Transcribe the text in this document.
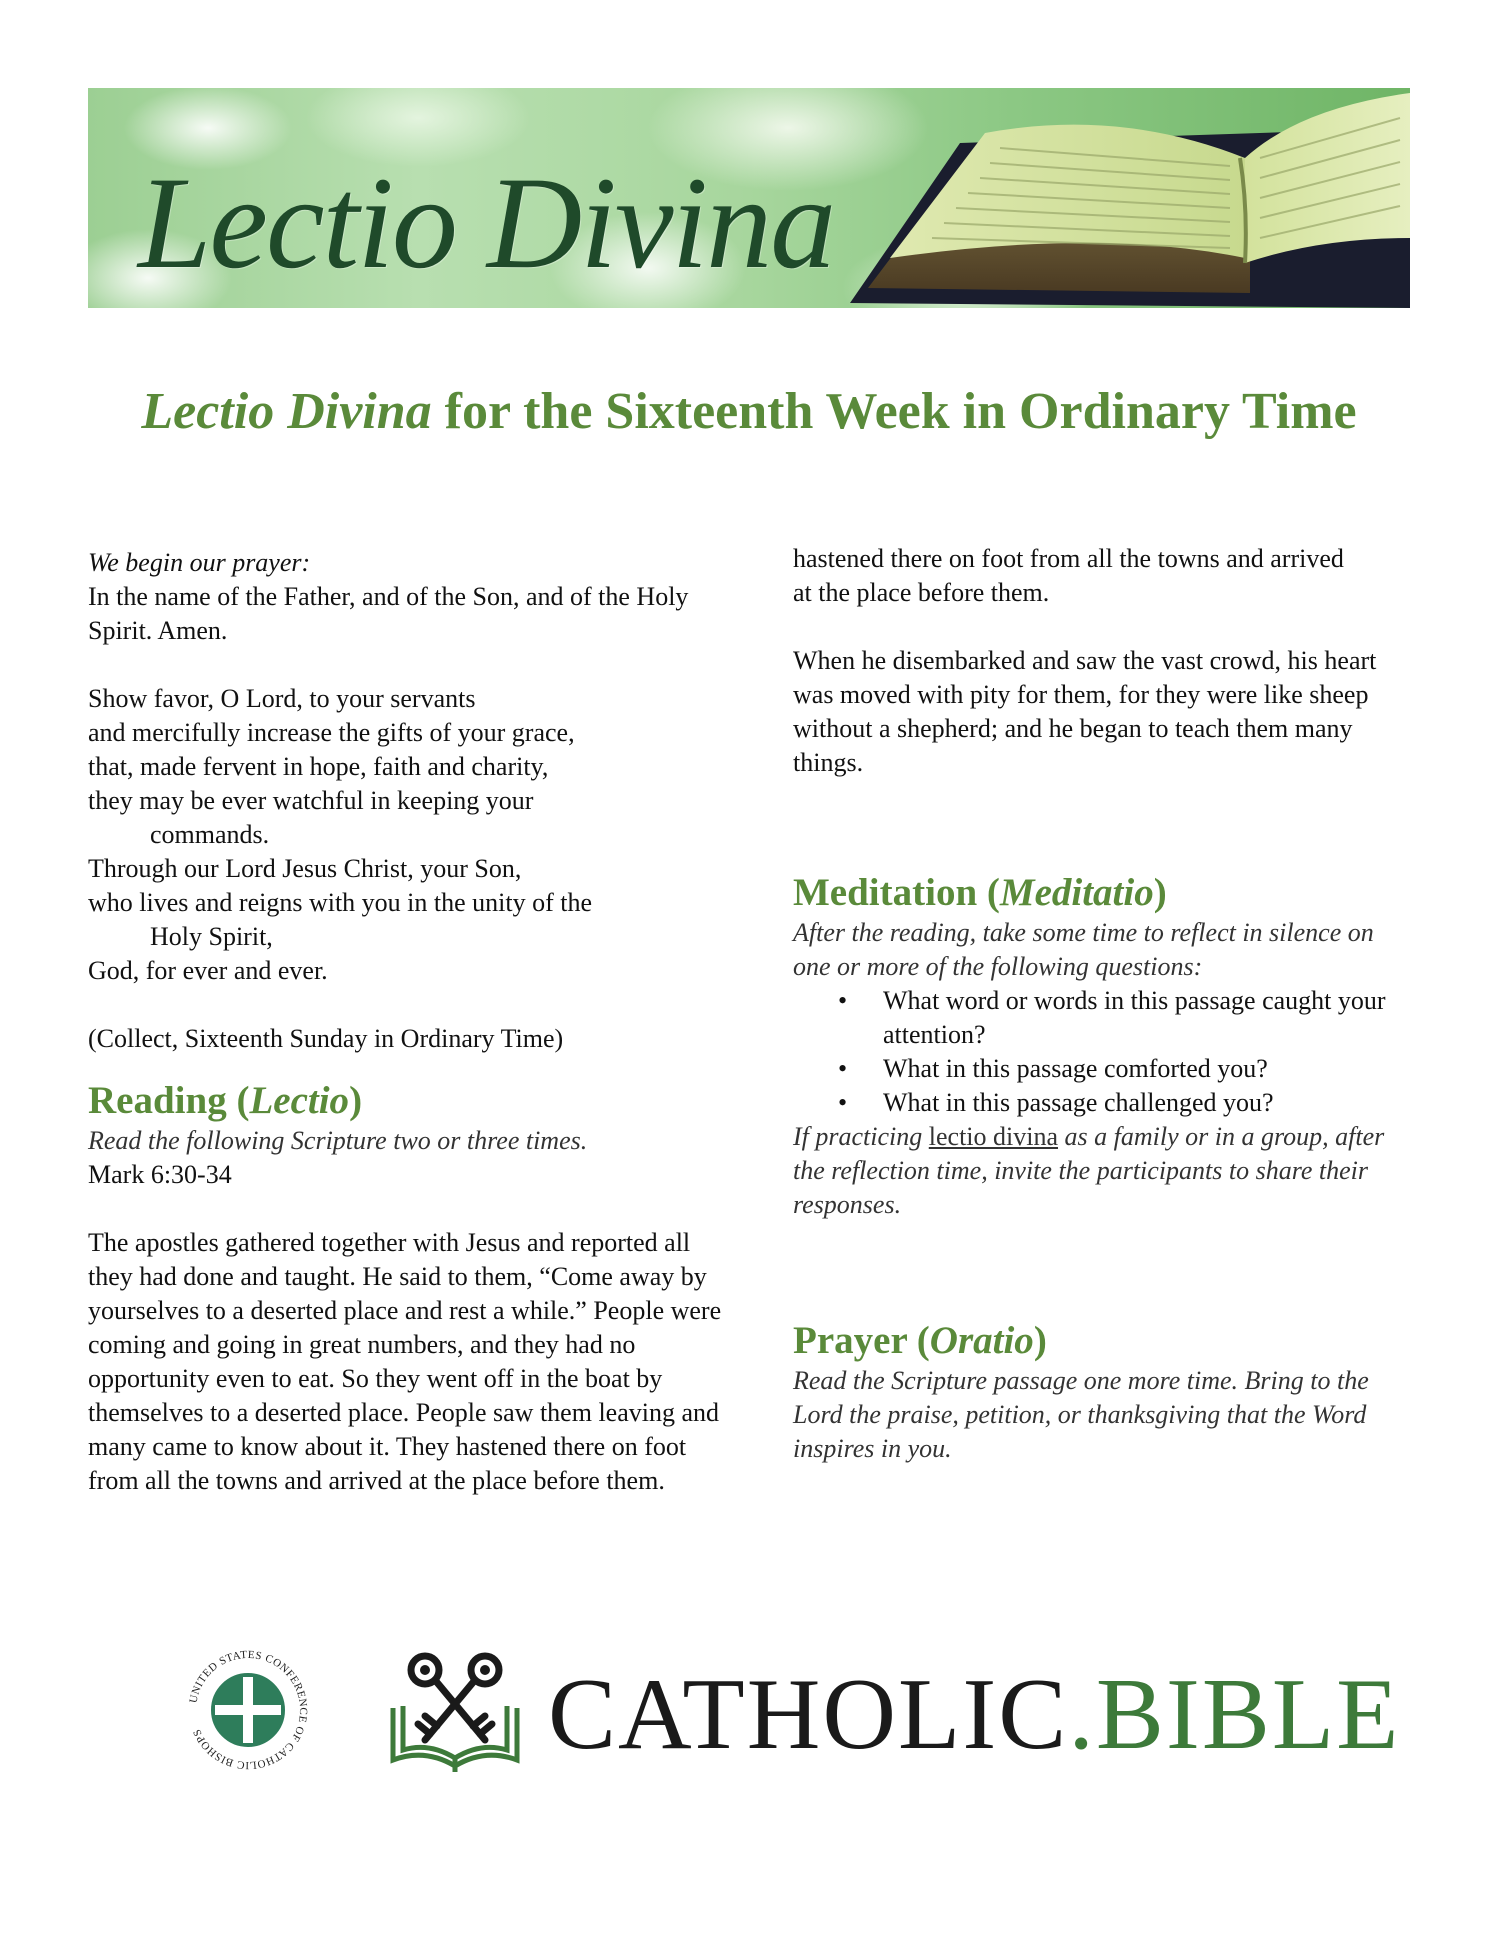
Lectio Divina
Lectio Divina for the Sixteenth Week in Ordinary Time

We begin our prayer:

In the name of the Father, and of the Son, and of the Holy Spirit. Amen.

Show favor, O Lord, to your servants

and mercifully increase the gifts of your grace,

that, made fervent in hope, faith and charity,

they may be ever watchful in keeping your

commands.

Through our Lord Jesus Christ, your Son,

who lives and reigns with you in the unity of the

Holy Spirit,

God, for ever and ever.

(Collect, Sixteenth Sunday in Ordinary Time)

Reading (Lectio)

Read the following Scripture two or three times.

Mark 6:30-34

The apostles gathered together with Jesus and reported all they had done and taught. He said to them, “Come away by yourselves to a deserted place and rest a while.” People were coming and going in great numbers, and they had no opportunity even to eat. So they went off in the boat by themselves to a deserted place. People saw them leaving and many came to know about it. They hastened there on foot from all the towns and arrived at the place before them.

hastened there on foot from all the towns and arrived at the place before them.

When he disembarked and saw the vast crowd, his heart was moved with pity for them, for they were like sheep without a shepherd; and he began to teach them many things.

Meditation (Meditatio)

After the reading, take some time to reflect in silence on one or more of the following questions:

• What word or words in this passage caught your attention?
• What in this passage comforted you?
• What in this passage challenged you?

If practicing lectio divina as a family or in a group, after the reflection time, invite the participants to share their responses.

Prayer (Oratio)

Read the Scripture passage one more time. Bring to the Lord the praise, petition, or thanksgiving that the Word inspires in you.

UNITED STATES CONFERENCE OF CATHOLIC BISHOPS	CATHOLIC.BIBLE
